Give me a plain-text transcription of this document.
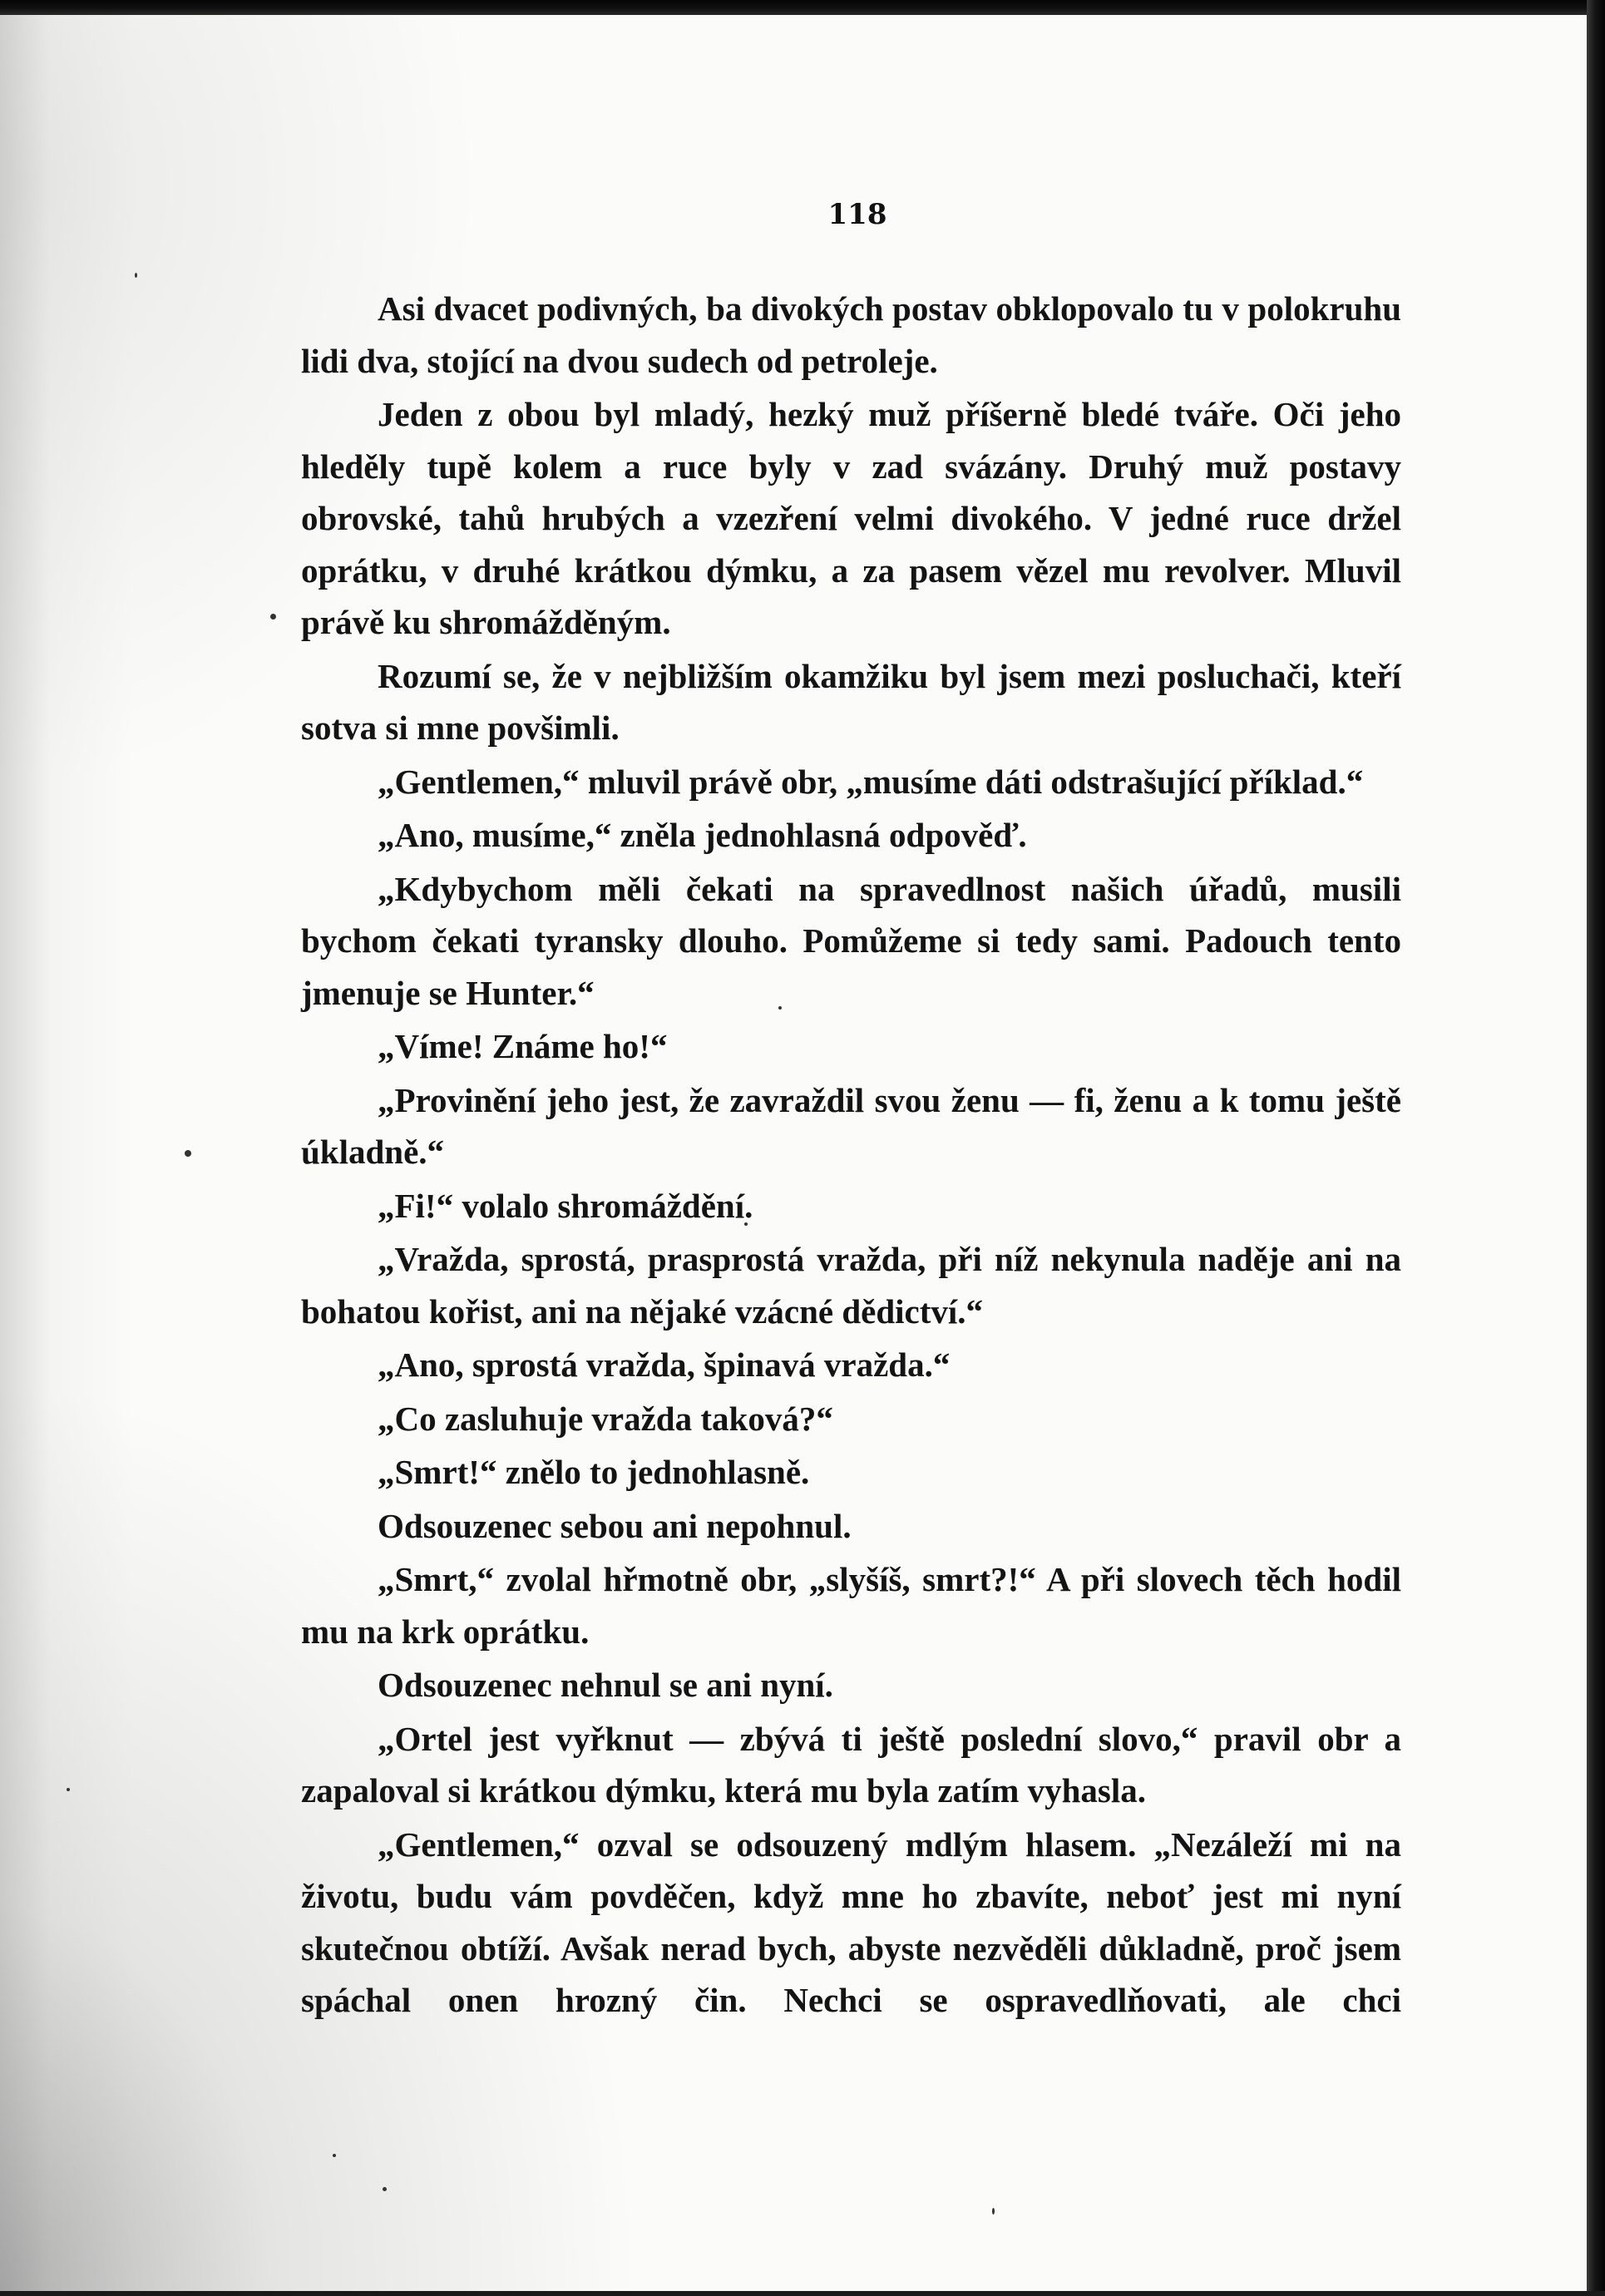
118

Asi dvacet podivných, ba divokých postav obklopovalo tu v polokruhu lidi dva, stojící na dvou sudech od petroleje.

Jeden z obou byl mladý, hezký muž příšerně bledé tváře. Oči jeho hleděly tupě kolem a ruce byly v zad svázány. Druhý muž postavy obrovské, tahů hrubých a vzezření velmi divokého. V jedné ruce držel oprátku, v druhé krátkou dýmku, a za pasem vězel mu revolver. Mluvil právě ku shromážděným.

Rozumí se, že v nejbližším okamžiku byl jsem mezi posluchači, kteří sotva si mne povšimli.

„Gentlemen,“ mluvil právě obr, „musíme dáti odstrašující příklad.“

„Ano, musíme,“ zněla jednohlasná odpověď.

„Kdybychom měli čekati na spravedlnost našich úřadů, musili bychom čekati tyransky dlouho. Pomůžeme si tedy sami. Padouch tento jmenuje se Hunter.“

„Víme! Známe ho!“

„Provinění jeho jest, že zavraždil svou ženu — fi, ženu a k tomu ještě úkladně.“

„Fi!“ volalo shromáždění.

„Vražda, sprostá, prasprostá vražda, při níž nekynula naděje ani na bohatou kořist, ani na nějaké vzácné dědictví.“

„Ano, sprostá vražda, špinavá vražda.“

„Co zasluhuje vražda taková?“

„Smrt!“ znělo to jednohlasně.

Odsouzenec sebou ani nepohnul.

„Smrt,“ zvolal hřmotně obr, „slyšíš, smrt?!“ A při slovech těch hodil mu na krk oprátku.

Odsouzenec nehnul se ani nyní.

„Ortel jest vyřknut — zbývá ti ještě poslední slovo,“ pravil obr a zapaloval si krátkou dýmku, která mu byla zatím vyhasla.

„Gentlemen,“ ozval se odsouzený mdlým hlasem. „Nezáleží mi na životu, budu vám povděčen, když mne ho zbavíte, neboť jest mi nyní skutečnou obtíží. Avšak nerad bych, abyste nezvěděli důkladně, proč jsem spáchal onen hrozný čin. Nechci se ospravedlňovati, ale chci
